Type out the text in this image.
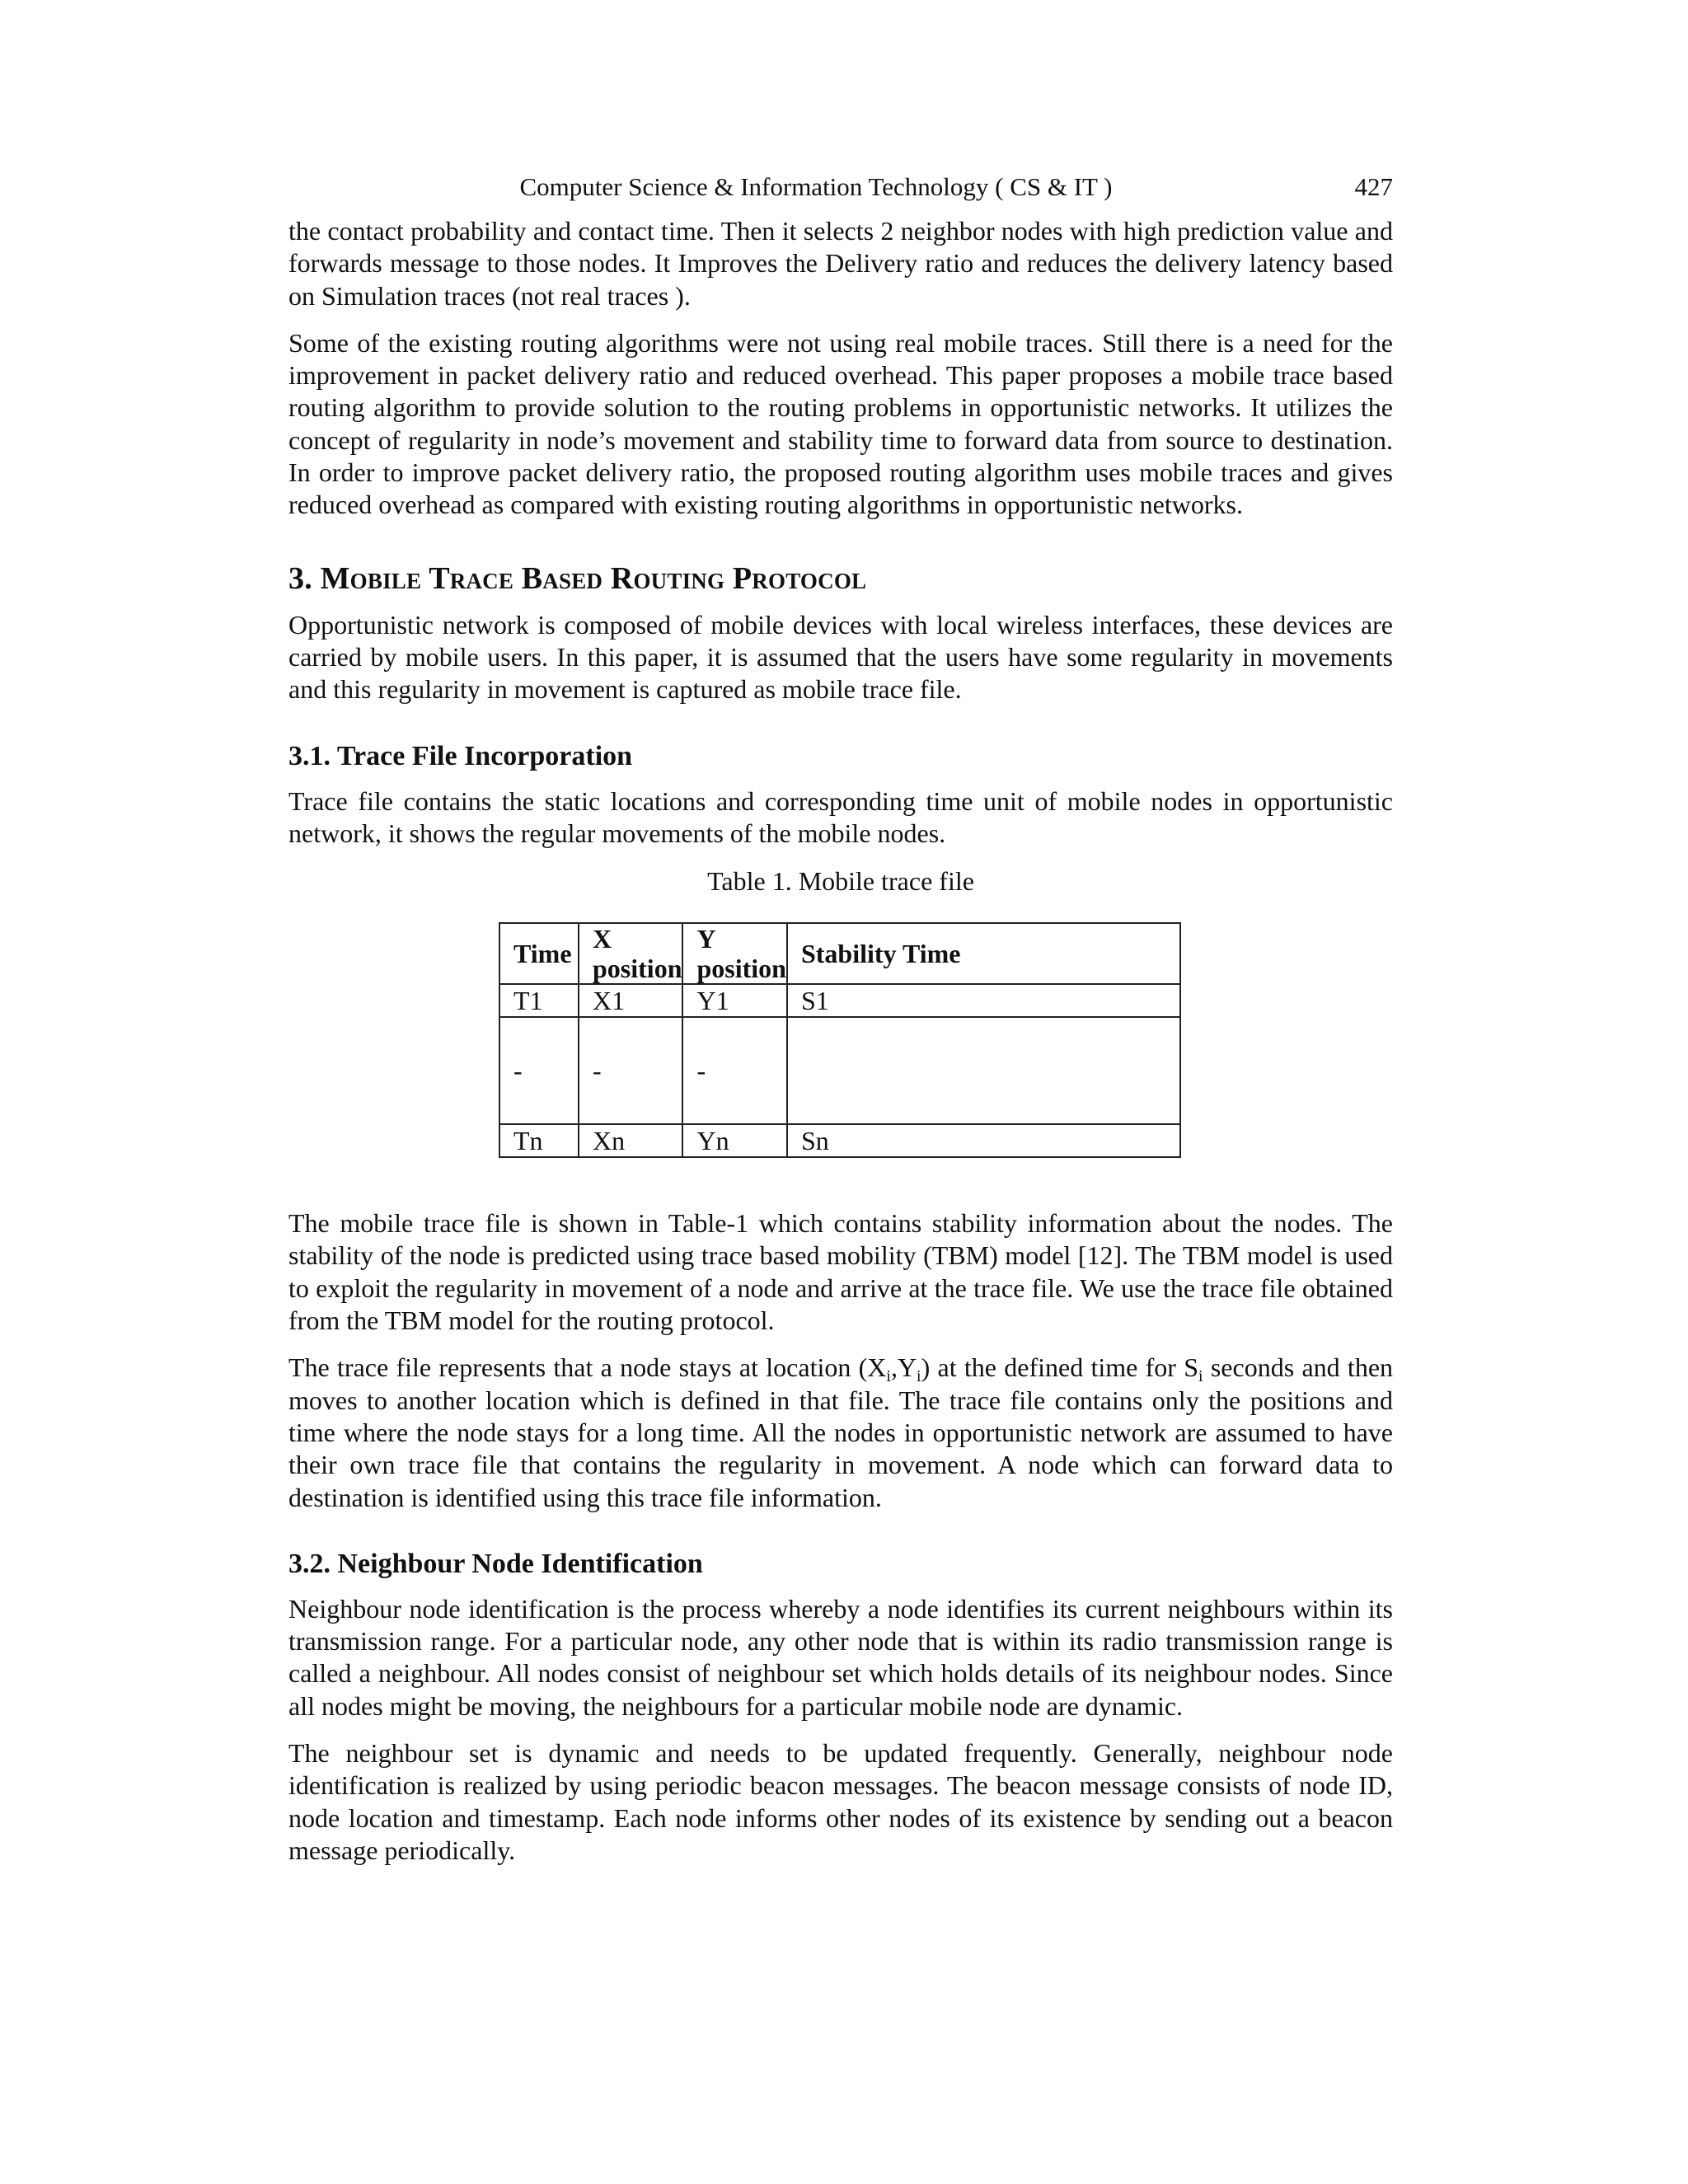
Computer Science & Information Technology ( CS & IT )	427

the contact probability and contact time. Then it selects 2 neighbor nodes with high prediction value and forwards message to those nodes. It Improves the Delivery ratio and reduces the delivery latency based on Simulation traces (not real traces ).

Some of the existing routing algorithms were not using real mobile traces. Still there is a need for the improvement in packet delivery ratio and reduced overhead. This paper proposes a mobile trace based routing algorithm to provide solution to the routing problems in opportunistic networks. It utilizes the concept of regularity in node’s movement and stability time to forward data from source to destination. In order to improve packet delivery ratio, the proposed routing algorithm uses mobile traces and gives reduced overhead as compared with existing routing algorithms in opportunistic networks.

3. Mobile Trace Based Routing Protocol

Opportunistic network is composed of mobile devices with local wireless interfaces, these devices are carried by mobile users. In this paper, it is assumed that the users have some regularity in movements and this regularity in movement is captured as mobile trace file.

3.1. Trace File Incorporation

Trace file contains the static locations and corresponding time unit of mobile nodes in opportunistic network, it shows the regular movements of the mobile nodes.

Table 1. Mobile trace file
Time	X position	Y position	Stability Time
T1	X1	Y1	S1
-	-	-	
Tn	Xn	Yn	Sn

The mobile trace file is shown in Table-1 which contains stability information about the nodes. The stability of the node is predicted using trace based mobility (TBM) model [12]. The TBM model is used to exploit the regularity in movement of a node and arrive at the trace file. We use the trace file obtained from the TBM model for the routing protocol.

The trace file represents that a node stays at location $(X_i,Y_i)$ at the defined time for $S_i$ seconds and then moves to another location which is defined in that file. The trace file contains only the positions and time where the node stays for a long time. All the nodes in opportunistic network are assumed to have their own trace file that contains the regularity in movement. A node which can forward data to destination is identified using this trace file information.

3.2. Neighbour Node Identification

Neighbour node identification is the process whereby a node identifies its current neighbours within its transmission range. For a particular node, any other node that is within its radio transmission range is called a neighbour. All nodes consist of neighbour set which holds details of its neighbour nodes. Since all nodes might be moving, the neighbours for a particular mobile node are dynamic.

The neighbour set is dynamic and needs to be updated frequently. Generally, neighbour node identification is realized by using periodic beacon messages. The beacon message consists of node ID, node location and timestamp. Each node informs other nodes of its existence by sending out a beacon message periodically.
